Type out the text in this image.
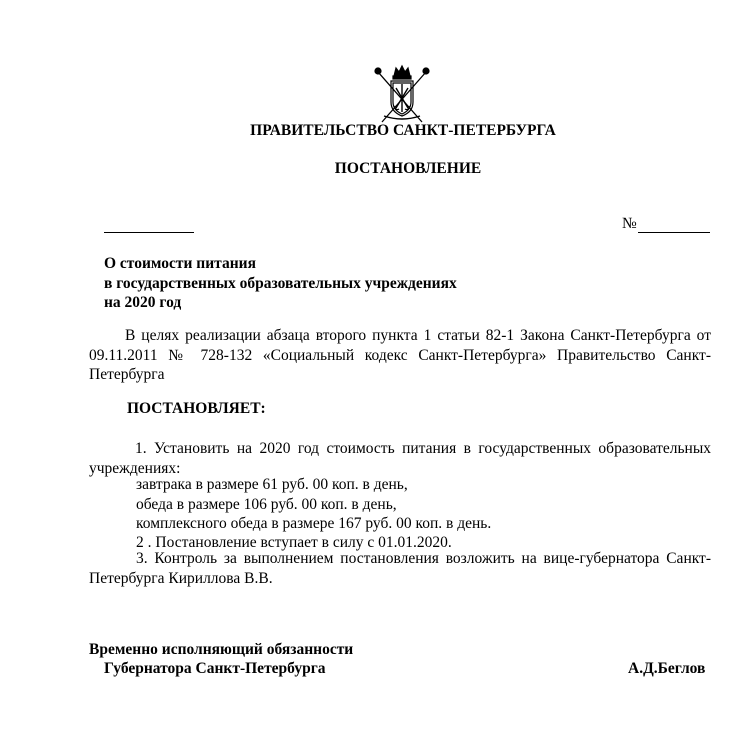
ПРАВИТЕЛЬСТВО САНКТ-ПЕТЕРБУРГА
ПОСТАНОВЛЕНИЕ
№
О стоимости питания
в государственных образовательных учреждениях
на 2020 год
В целях реализации абзаца второго пункта 1 статьи 82-1 Закона Санкт-Петербурга от 09.11.2011 № 728-132 «Социальный кодекс Санкт-Петербурга» Правительство Санкт-Петербурга
ПОСТАНОВЛЯЕТ:
1. Установить на 2020 год стоимость питания в государственных образовательных учреждениях:
завтрака в размере 61 руб. 00 коп. в день,
обеда в размере 106 руб. 00 коп. в день,
комплексного обеда в размере 167 руб. 00 коп. в день.
2 . Постановление вступает в силу с 01.01.2020.
3. Контроль за выполнением постановления возложить на вице-губернатора Санкт-Петербурга Кириллова В.В.
Временно исполняющий обязанности
Губернатора Санкт-Петербурга	А.Д.Беглов
